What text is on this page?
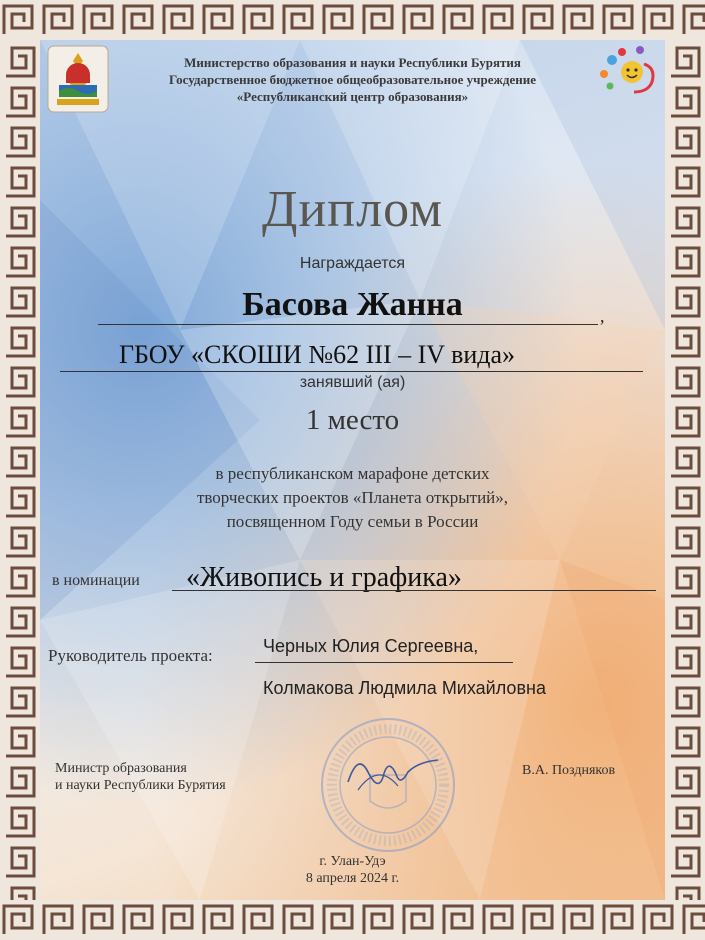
Министерство образования и науки Республики Бурятия
Государственное бюджетное общеобразовательное учреждение
«Республиканский центр образования»
Диплом
Награждается
Басова Жанна	,
ГБОУ «СКОШИ №62 III – IV вида»
занявший (ая)
1 место
в республиканском марафоне детских
творческих проектов «Планета открытий»,
посвященном Году семьи в России
в номинации «Живопись и графика»
Руководитель проекта:	Черных Юлия Сергеевна,
Колмакова Людмила Михайловна
Министр образования
и науки Республики Бурятия
В.А. Поздняков
г. Улан-Удэ
8 апреля 2024 г.
